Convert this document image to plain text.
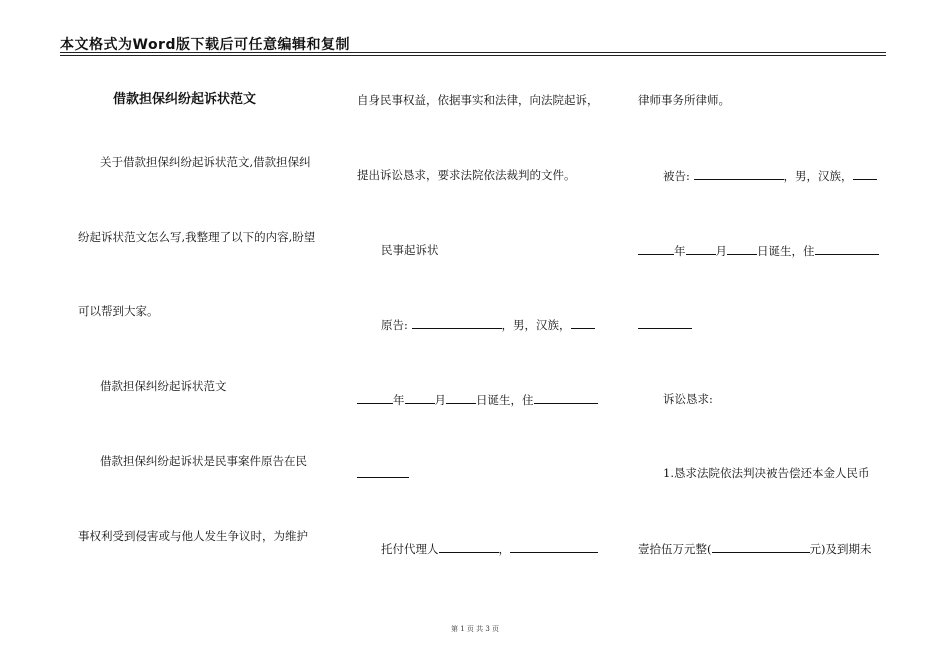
本文格式为Word版下载后可任意编辑和复制
借款担保纠纷起诉状范文
关于借款担保纠纷起诉状范文,借款担保纠
纷起诉状范文怎么写,我整理了以下的内容,盼望
可以帮到大家。
借款担保纠纷起诉状范文
借款担保纠纷起诉状是民事案件原告在民
事权利受到侵害或与他人发生争议时，为维护
自身民事权益，依据事实和法律，向法院起诉，
提出诉讼恳求，要求法院依法裁判的文件。
民事起诉状
原告:	，男，汉族，
年	月	日诞生，住
托付代理人	，
律师事务所律师。
被告:	，男，汉族，
年	月	日诞生，住
诉讼恳求:
1.恳求法院依法判决被告偿还本金人民币
壹拾伍万元整(	元)及到期未
第 1 页 共 3 页
